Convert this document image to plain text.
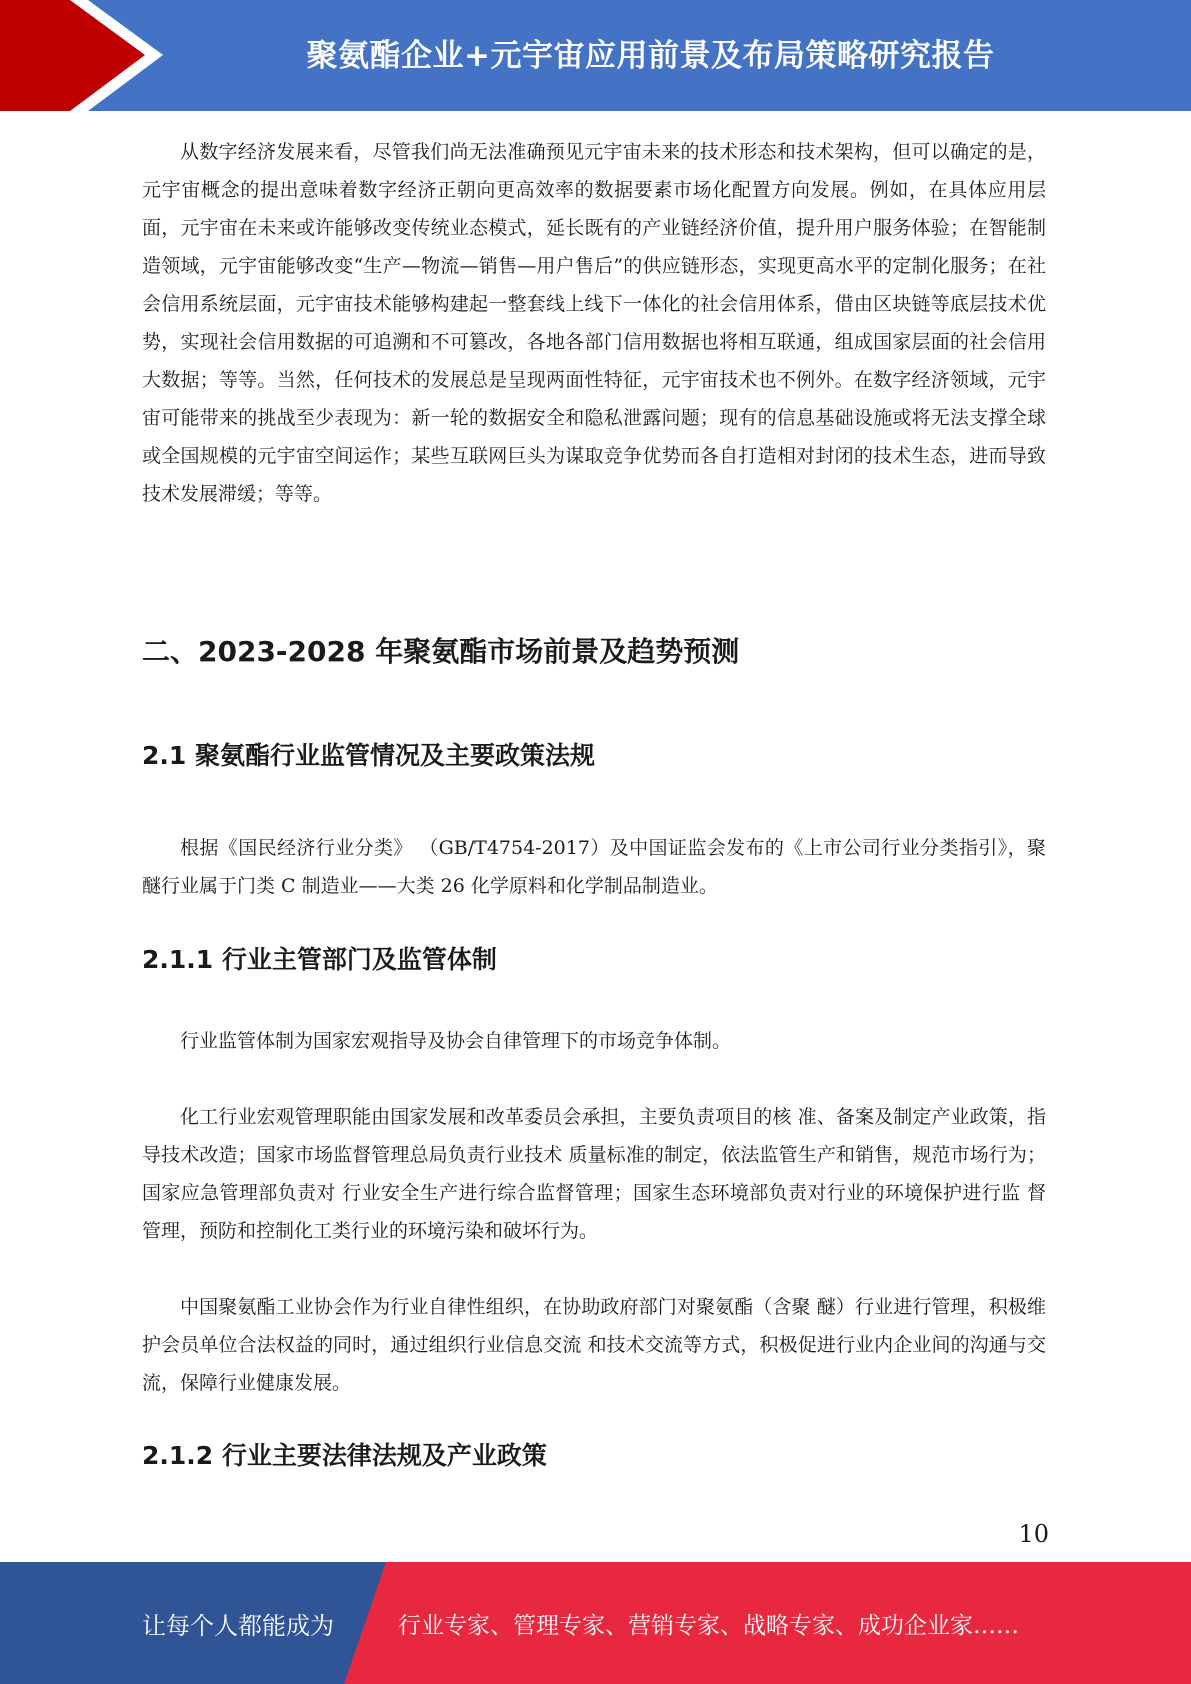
聚氨酯企业+元宇宙应用前景及布局策略研究报告

从数字经济发展来看，尽管我们尚无法准确预见元宇宙未来的技术形态和技术架构，但可以确定的是，元宇宙概念的提出意味着数字经济正朝向更高效率的数据要素市场化配置方向发展。例如，在具体应用层面，元宇宙在未来或许能够改变传统业态模式，延长既有的产业链经济价值，提升用户服务体验；在智能制造领域，元宇宙能够改变“生产—物流—销售—用户售后”的供应链形态，实现更高水平的定制化服务；在社会信用系统层面，元宇宙技术能够构建起一整套线上线下一体化的社会信用体系，借由区块链等底层技术优势，实现社会信用数据的可追溯和不可篡改，各地各部门信用数据也将相互联通，组成国家层面的社会信用大数据；等等。当然，任何技术的发展总是呈现两面性特征，元宇宙技术也不例外。在数字经济领域，元宇宙可能带来的挑战至少表现为：新一轮的数据安全和隐私泄露问题；现有的信息基础设施或将无法支撑全球或全国规模的元宇宙空间运作；某些互联网巨头为谋取竞争优势而各自打造相对封闭的技术生态，进而导致技术发展滞缓；等等。

二、2023-2028 年聚氨酯市场前景及趋势预测
2.1 聚氨酯行业监管情况及主要政策法规

根据《国民经济行业分类》 （GB/T4754-2017）及中国证监会发布的《上市公司行业分类指引》，聚醚行业属于门类 C 制造业——大类 26 化学原料和化学制品制造业。

2.1.1 行业主管部门及监管体制

行业监管体制为国家宏观指导及协会自律管理下的市场竞争体制。

化工行业宏观管理职能由国家发展和改革委员会承担，主要负责项目的核 准、备案及制定产业政策，指导技术改造；国家市场监督管理总局负责行业技术 质量标准的制定，依法监管生产和销售，规范市场行为；国家应急管理部负责对 行业安全生产进行综合监督管理；国家生态环境部负责对行业的环境保护进行监 督管理，预防和控制化工类行业的环境污染和破坏行为。

中国聚氨酯工业协会作为行业自律性组织，在协助政府部门对聚氨酯（含聚 醚）行业进行管理，积极维护会员单位合法权益的同时，通过组织行业信息交流 和技术交流等方式，积极促进行业内企业间的沟通与交流，保障行业健康发展。

2.1.2 行业主要法律法规及产业政策
10
让每个人都能成为	行业专家、管理专家、营销专家、战略专家、成功企业家……
